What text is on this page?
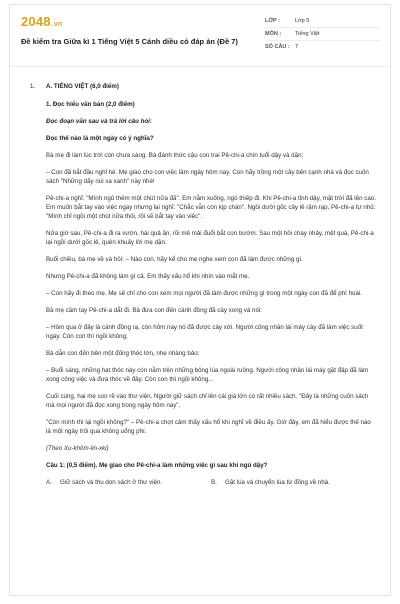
2048.vn
Đề kiểm tra Giữa kì 1 Tiếng Việt 5 Cánh diều có đáp án (Đề 7)
LỚP :	Lớp 5
MÔN :	Tiếng Việt
SỐ CÂU : 7
1.	A. TIẾNG VIỆT (6,0 điểm)

1. Đọc hiểu văn bản (2,0 điểm)

Đọc đoạn văn sau và trả lời câu hỏi:

Đọc thế nào là một ngày có ý nghĩa?

Bà mẹ đi làm lúc trời còn chưa sáng. Bà đánh thức cậu con trai Pê-chi-a chín tuổi dậy và dặn:

– Con đã bắt đầu nghỉ hè. Mẹ giao cho con việc làm ngày hôm nay. Con hãy trồng một cây bên cạnh nhà và đọc cuốn sách "Những dãy núi xa xanh" này nhé!

Pê-chi-a nghĩ: "Mình ngủ thêm một chút nữa đã". Em nằm xuống, ngủ thiếp đi. Khi Pê-chi-a tỉnh dậy, mặt trời đã lên cao. Em muốn bắt tay vào việc ngay nhưng lại nghĩ: "Chắc vẫn còn kịp chán". Ngồi dưới gốc cây lê rậm rạp, Pê-chi-a tự nhủ: "Mình chỉ ngồi một chút nữa thôi, rồi sẽ bắt tay vào việc".

Nửa giờ sau, Pê-chi-a đi ra vườn, hái quả ăn, rồi mê mải đuổi bắt con bướm. Sau một hồi chạy nhảy, mệt quá, Pê-chi-a lại ngồi dưới gốc lê, quên khuấy lời mẹ dặn.

Buổi chiều, bà mẹ về và hỏi: – Nào con, hãy kể cho mẹ nghe xem con đã làm được những gì.

Nhưng Pê-chi-a đã không làm gì cả. Em thấy xấu hổ khi nhìn vào mắt mẹ.

– Con hãy đi theo mẹ. Mẹ sẽ chỉ cho con xem mọi người đã làm được những gì trong một ngày con đã để phí hoài.

Bà mẹ cầm tay Pê-chi-a dắt đi. Bà đưa con đến cánh đồng đã cày xong và nói:

– Hôm qua ở đây là cánh đồng rạ, còn hôm nay nó đã được cày xới. Người công nhân lái máy cày đã làm việc suốt ngày. Còn con thì ngồi không.

Bà dẫn con đến bên một đống thóc lớn, nhẹ nhàng bảo:

– Buổi sáng, những hạt thóc này còn nằm trên những bông lúa ngoài ruộng. Người công nhân lái máy gặt đập đã làm xong công việc và đưa thóc về đây. Còn con thì ngồi không...

Cuối cùng, hai mẹ con rẽ vào thư viện. Người giữ sách chỉ lên cái giá lớn có rất nhiều sách. "Đây là những cuốn sách mà mọi người đã đọc xong trong ngày hôm nay".

"Còn mình thì lại ngồi không?" – Pê-chi-a chợt cảm thấy xấu hổ khi nghĩ về điều ấy. Giờ đây, em đã hiểu được thế nào là một ngày trôi qua không uổng phí.

(Theo Xu-khôm-lin-xki)

Câu 1: (0,5 điểm). Mẹ giao cho Pê-chi-a làm những việc gì sau khi ngủ dậy?

A.	Giữ sách và thu dọn sách ở thư viện.	B.	Gặt lúa và chuyển lúa từ đồng về nhà.
